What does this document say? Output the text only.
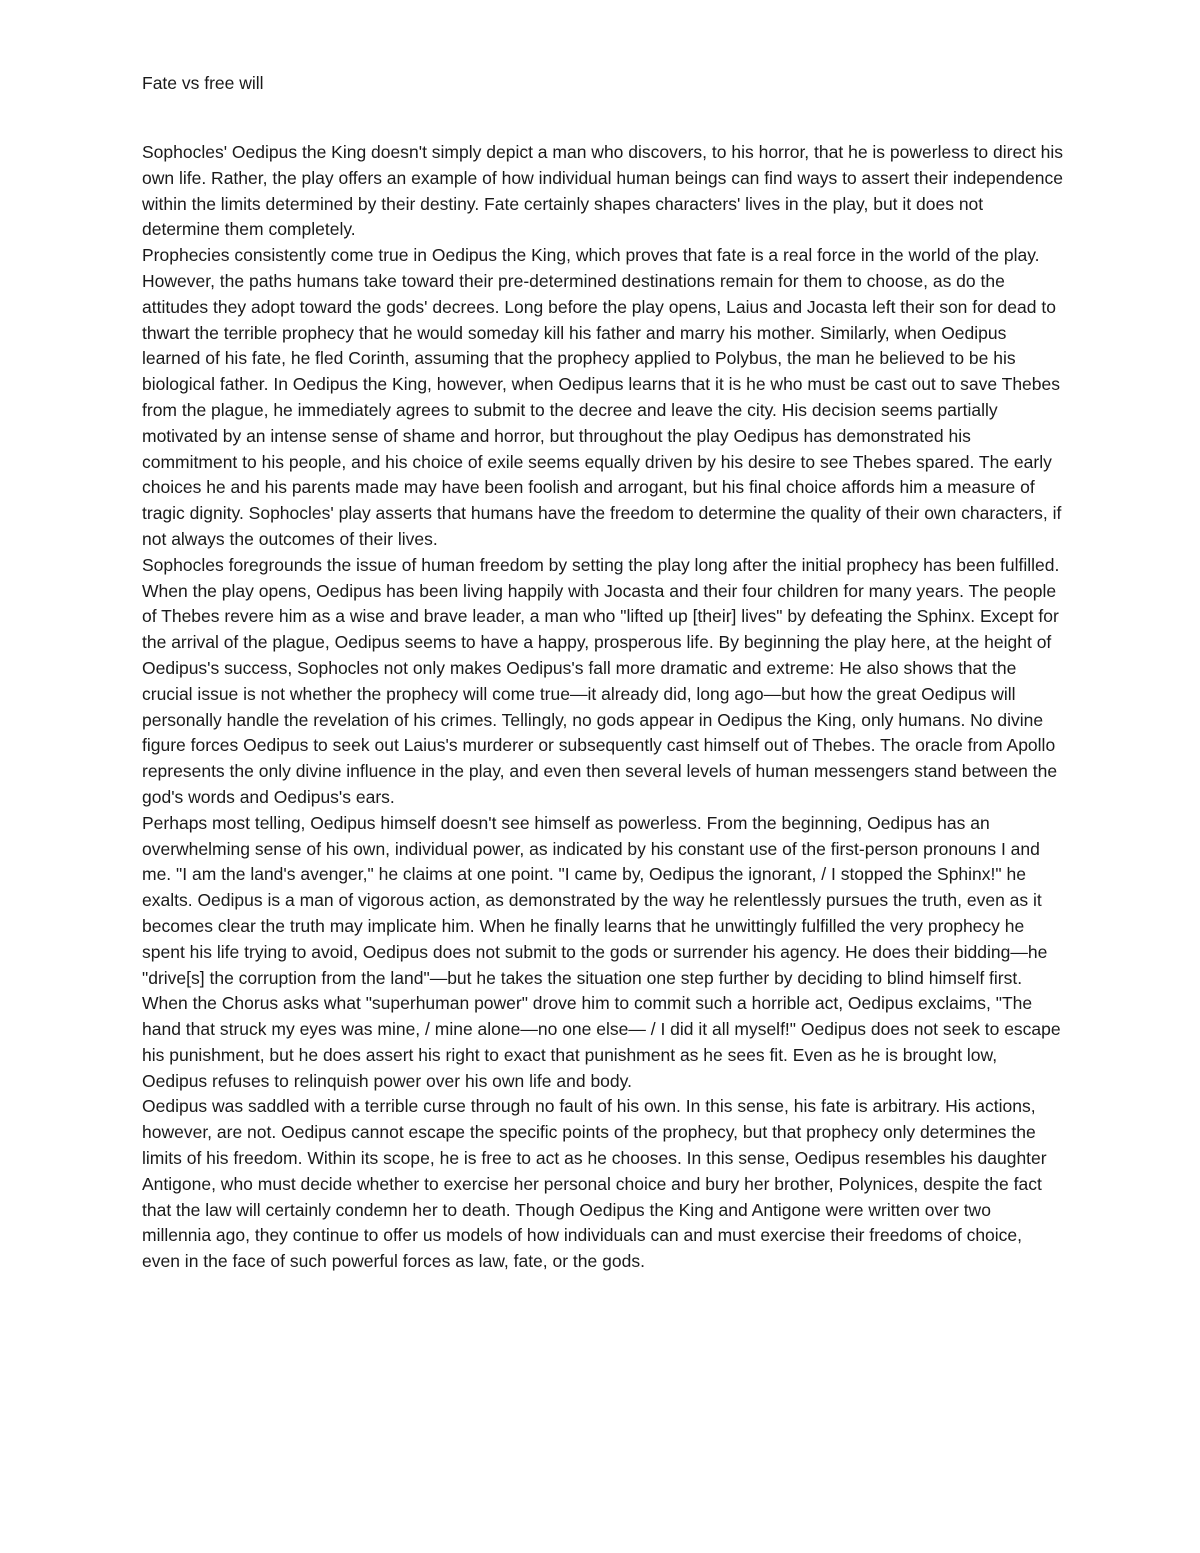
Fate vs free will

Sophocles' Oedipus the King doesn't simply depict a man who discovers, to his horror, that he is powerless to direct his own life. Rather, the play offers an example of how individual human beings can find ways to assert their independence within the limits determined by their destiny. Fate certainly shapes characters' lives in the play, but it does not determine them completely.

Prophecies consistently come true in Oedipus the King, which proves that fate is a real force in the world of the play. However, the paths humans take toward their pre-determined destinations remain for them to choose, as do the attitudes they adopt toward the gods' decrees. Long before the play opens, Laius and Jocasta left their son for dead to thwart the terrible prophecy that he would someday kill his father and marry his mother. Similarly, when Oedipus learned of his fate, he fled Corinth, assuming that the prophecy applied to Polybus, the man he believed to be his biological father. In Oedipus the King, however, when Oedipus learns that it is he who must be cast out to save Thebes from the plague, he immediately agrees to submit to the decree and leave the city. His decision seems partially motivated by an intense sense of shame and horror, but throughout the play Oedipus has demonstrated his commitment to his people, and his choice of exile seems equally driven by his desire to see Thebes spared. The early choices he and his parents made may have been foolish and arrogant, but his final choice affords him a measure of tragic dignity. Sophocles' play asserts that humans have the freedom to determine the quality of their own characters, if not always the outcomes of their lives.

Sophocles foregrounds the issue of human freedom by setting the play long after the initial prophecy has been fulfilled. When the play opens, Oedipus has been living happily with Jocasta and their four children for many years. The people of Thebes revere him as a wise and brave leader, a man who "lifted up [their] lives" by defeating the Sphinx. Except for the arrival of the plague, Oedipus seems to have a happy, prosperous life. By beginning the play here, at the height of Oedipus's success, Sophocles not only makes Oedipus's fall more dramatic and extreme: He also shows that the crucial issue is not whether the prophecy will come true—it already did, long ago—but how the great Oedipus will personally handle the revelation of his crimes. Tellingly, no gods appear in Oedipus the King, only humans. No divine figure forces Oedipus to seek out Laius's murderer or subsequently cast himself out of Thebes. The oracle from Apollo represents the only divine influence in the play, and even then several levels of human messengers stand between the god's words and Oedipus's ears.

Perhaps most telling, Oedipus himself doesn't see himself as powerless. From the beginning, Oedipus has an overwhelming sense of his own, individual power, as indicated by his constant use of the first-person pronouns I and me. "I am the land's avenger," he claims at one point. "I came by, Oedipus the ignorant, / I stopped the Sphinx!" he exalts. Oedipus is a man of vigorous action, as demonstrated by the way he relentlessly pursues the truth, even as it becomes clear the truth may implicate him. When he finally learns that he unwittingly fulfilled the very prophecy he spent his life trying to avoid, Oedipus does not submit to the gods or surrender his agency. He does their bidding—he "drive[s] the corruption from the land"—but he takes the situation one step further by deciding to blind himself first. When the Chorus asks what "superhuman power" drove him to commit such a horrible act, Oedipus exclaims, "The hand that struck my eyes was mine, / mine alone—no one else— / I did it all myself!" Oedipus does not seek to escape his punishment, but he does assert his right to exact that punishment as he sees fit. Even as he is brought low, Oedipus refuses to relinquish power over his own life and body.

Oedipus was saddled with a terrible curse through no fault of his own. In this sense, his fate is arbitrary. His actions, however, are not. Oedipus cannot escape the specific points of the prophecy, but that prophecy only determines the limits of his freedom. Within its scope, he is free to act as he chooses. In this sense, Oedipus resembles his daughter Antigone, who must decide whether to exercise her personal choice and bury her brother, Polynices, despite the fact that the law will certainly condemn her to death. Though Oedipus the King and Antigone were written over two millennia ago, they continue to offer us models of how individuals can and must exercise their freedoms of choice, even in the face of such powerful forces as law, fate, or the gods.
